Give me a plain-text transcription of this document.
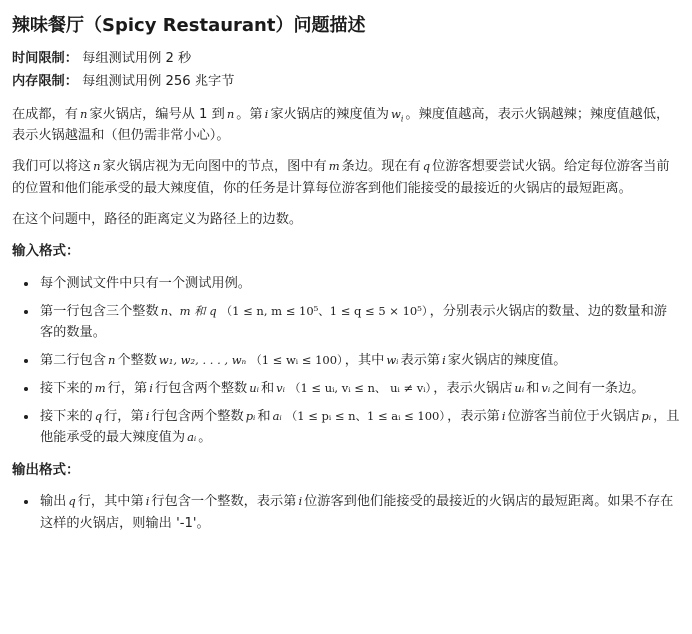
辣味餐厅（Spicy Restaurant）问题描述
时间限制： 每组测试用例 2 秒
内存限制： 每组测试用例 256 兆字节

在成都，有 n 家火锅店，编号从 1 到 n 。第 i 家火锅店的辣度值为 $w_i$ 。辣度值越高，表示火锅越辣；辣度值越低，表示火锅越温和（但仍需非常小心）。

我们可以将这 n 家火锅店视为无向图中的节点，图中有 m 条边。现在有 q 位游客想要尝试火锅。给定每位游客当前的位置和他们能承受的最大辣度值，你的任务是计算每位游客到他们能接受的最接近的火锅店的最短距离。

在这个问题中，路径的距离定义为路径上的边数。

输入格式：
• 每个测试文件中只有一个测试用例。
• 第一行包含三个整数 n、m 和 q （1 ≤ n, m ≤ 10⁵、1 ≤ q ≤ 5 × 10⁵） ，分别表示火锅店的数量、边的数量和游客的数量。
• 第二行包含 n 个整数 w₁, w₂, . . . , wₙ （1 ≤ wᵢ ≤ 100） ，其中 wᵢ 表示第 i 家火锅店的辣度值。
• 接下来的 m 行，第 i 行包含两个整数 uᵢ 和 vᵢ （1 ≤ uᵢ, vᵢ ≤ n、 uᵢ ≠ vᵢ） ，表示火锅店 uᵢ 和 vᵢ 之间有一条边。
• 接下来的 q 行，第 i 行包含两个整数 pᵢ 和 aᵢ （1 ≤ pᵢ ≤ n、1 ≤ aᵢ ≤ 100） ，表示第 i 位游客当前位于火锅店 pᵢ ，且他能承受的最大辣度值为 aᵢ 。
输出格式：
• 输出 q 行，其中第 i 行包含一个整数，表示第 i 位游客到他们能接受的最接近的火锅店的最短距离。如果不存在这样的火锅店，则输出 '-1'。
